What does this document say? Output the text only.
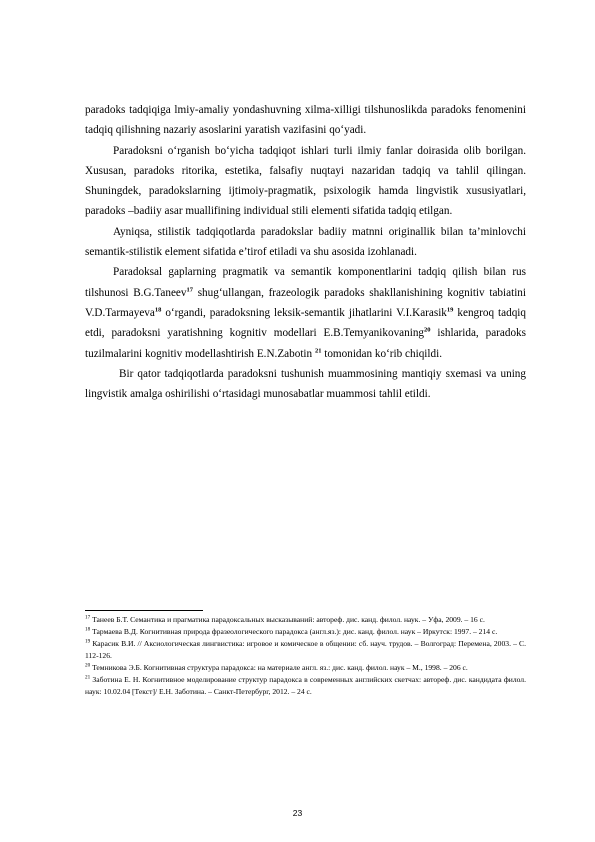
paradoks tadqiqiga lmiy-amaliy yondashuvning xilma-xilligi tilshunoslikda paradoks fenomenini tadqiq qilishning nazariy asoslarini yaratish vazifasini qo‘yadi.

Paradoksni o‘rganish bo‘yicha tadqiqot ishlari turli ilmiy fanlar doirasida olib borilgan. Xususan, paradoks ritorika, estetika, falsafiy nuqtayi nazaridan tadqiq va tahlil qilingan. Shuningdek, paradokslarning ijtimoiy-pragmatik, psixologik hamda lingvistik xususiyatlari, paradoks –badiiy asar muallifining individual stili elementi sifatida tadqiq etilgan.

Ayniqsa, stilistik tadqiqotlarda paradokslar badiiy matnni originallik bilan ta’minlovchi semantik-stilistik element sifatida e’tirof etiladi va shu asosida izohlanadi.

Paradoksal gaplarning pragmatik va semantik komponentlarini tadqiq qilish bilan rus tilshunosi B.G.Taneev$^{17}$ shug‘ullangan, frazeologik paradoks shakllanishining kognitiv tabiatini V.D.Tarmayeva$^{18}$ o‘rgandi, paradoksning leksik-semantik jihatlarini V.I.Karasik$^{19}$ kengroq tadqiq etdi, paradoksni yaratishning kognitiv modellari E.B.Temyanikovaning$^{20}$ ishlarida, paradoks tuzilmalarini kognitiv modellashtirish E.N.Zabotin $^{21}$ tomonidan ko‘rib chiqildi.

Bir qator tadqiqotlarda paradoksni tushunish muammosining mantiqiy sxemasi va uning lingvistik amalga oshirilishi o‘rtasidagi munosabatlar muammosi tahlil etildi.

$^{17}$ Танеев Б.Т. Семантика и прагматика парадоксальных высказываний: автореф. дис. канд. филол. наук. – Уфа, 2009. – 16 с.

$^{18}$ Тармаева В.Д. Когнитивная природа фразеологического парадокса (англ.яз.): дис. канд. филол. наук – Иркутск: 1997. – 214 с.

$^{19}$ Карасик В.И. // Аксиологическая лингвистика: игровое и комическое в общении: сб. науч. трудов. – Волгоград: Перемена, 2003. – С. 112-126.

$^{20}$ Темникова Э.Б. Когнитивная структура парадокса: на материале англ. яз.: дис. канд. филол. наук – М., 1998. – 206 с.

$^{21}$ Заботина Е. Н. Когнитивное моделирование структур парадокса в современных английских скетчах: автореф. дис. кандидата филол. наук: 10.02.04 [Текст]/ Е.Н. Заботина. – Санкт-Петербург, 2012. – 24 с.

23
